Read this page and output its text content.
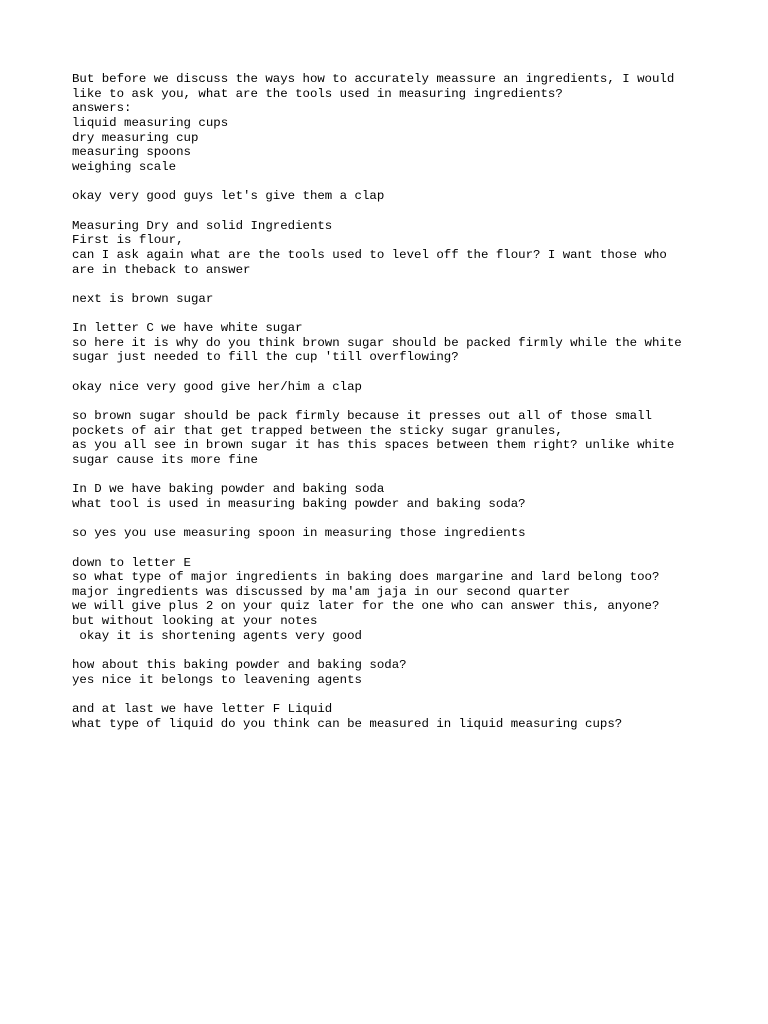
But before we discuss the ways how to accurately meassure an ingredients, I would
like to ask you, what are the tools used in measuring ingredients?
answers:
liquid measuring cups
dry measuring cup
measuring spoons
weighing scale
okay very good guys let's give them a clap
Measuring Dry and solid Ingredients
First is flour,
can I ask again what are the tools used to level off the flour? I want those who
are in theback to answer
next is brown sugar
In letter C we have white sugar
so here it is why do you think brown sugar should be packed firmly while the white
sugar just needed to fill the cup 'till overflowing?
okay nice very good give her/him a clap
so brown sugar should be pack firmly because it presses out all of those small
pockets of air that get trapped between the sticky sugar granules,
as you all see in brown sugar it has this spaces between them right? unlike white
sugar cause its more fine
In D we have baking powder and baking soda
what tool is used in measuring baking powder and baking soda?
so yes you use measuring spoon in measuring those ingredients
down to letter E
so what type of major ingredients in baking does margarine and lard belong too?
major ingredients was discussed by ma'am jaja in our second quarter
we will give plus 2 on your quiz later for the one who can answer this, anyone?
but without looking at your notes
okay it is shortening agents very good
how about this baking powder and baking soda?
yes nice it belongs to leavening agents
and at last we have letter F Liquid
what type of liquid do you think can be measured in liquid measuring cups?
